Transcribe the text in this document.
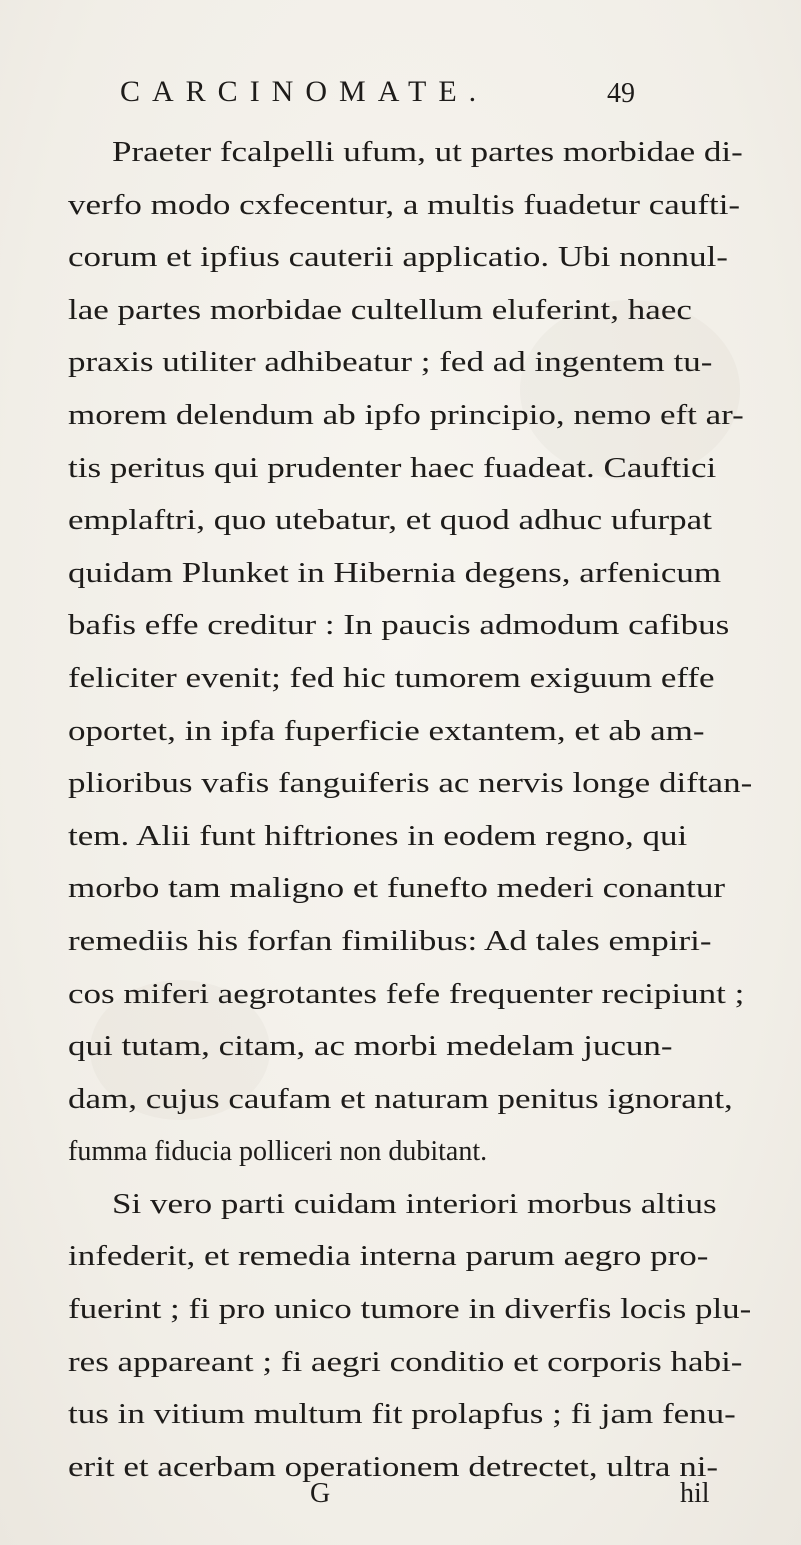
CARCINOMATE.	49
Praeter fcalpelli ufum, ut partes morbidae di-
verfo modo cxfecentur, a multis fuadetur caufti-
corum et ipfius cauterii applicatio. Ubi nonnul-
lae partes morbidae cultellum eluferint, haec
praxis utiliter adhibeatur ; fed ad ingentem tu-
morem delendum ab ipfo principio, nemo eft ar-
tis peritus qui prudenter haec fuadeat. Cauftici
emplaftri, quo utebatur, et quod adhuc ufurpat
quidam Plunket in Hibernia degens, arfenicum
bafis effe creditur : In paucis admodum cafibus
feliciter evenit; fed hic tumorem exiguum effe
oportet, in ipfa fuperficie extantem, et ab am-
plioribus vafis fanguiferis ac nervis longe diftan-
tem. Alii funt hiftriones in eodem regno, qui
morbo tam maligno et funefto mederi conantur
remediis his forfan fimilibus: Ad tales empiri-
cos miferi aegrotantes fefe frequenter recipiunt ;
qui tutam, citam, ac morbi medelam jucun-
dam, cujus caufam et naturam penitus ignorant,
fumma fiducia polliceri non dubitant.
Si vero parti cuidam interiori morbus altius
infederit, et remedia interna parum aegro pro-
fuerint ; fi pro unico tumore in diverfis locis plu-
res appareant ; fi aegri conditio et corporis habi-
tus in vitium multum fit prolapfus ; fi jam fenu-
erit et acerbam operationem detrectet, ultra ni-
G	hil
